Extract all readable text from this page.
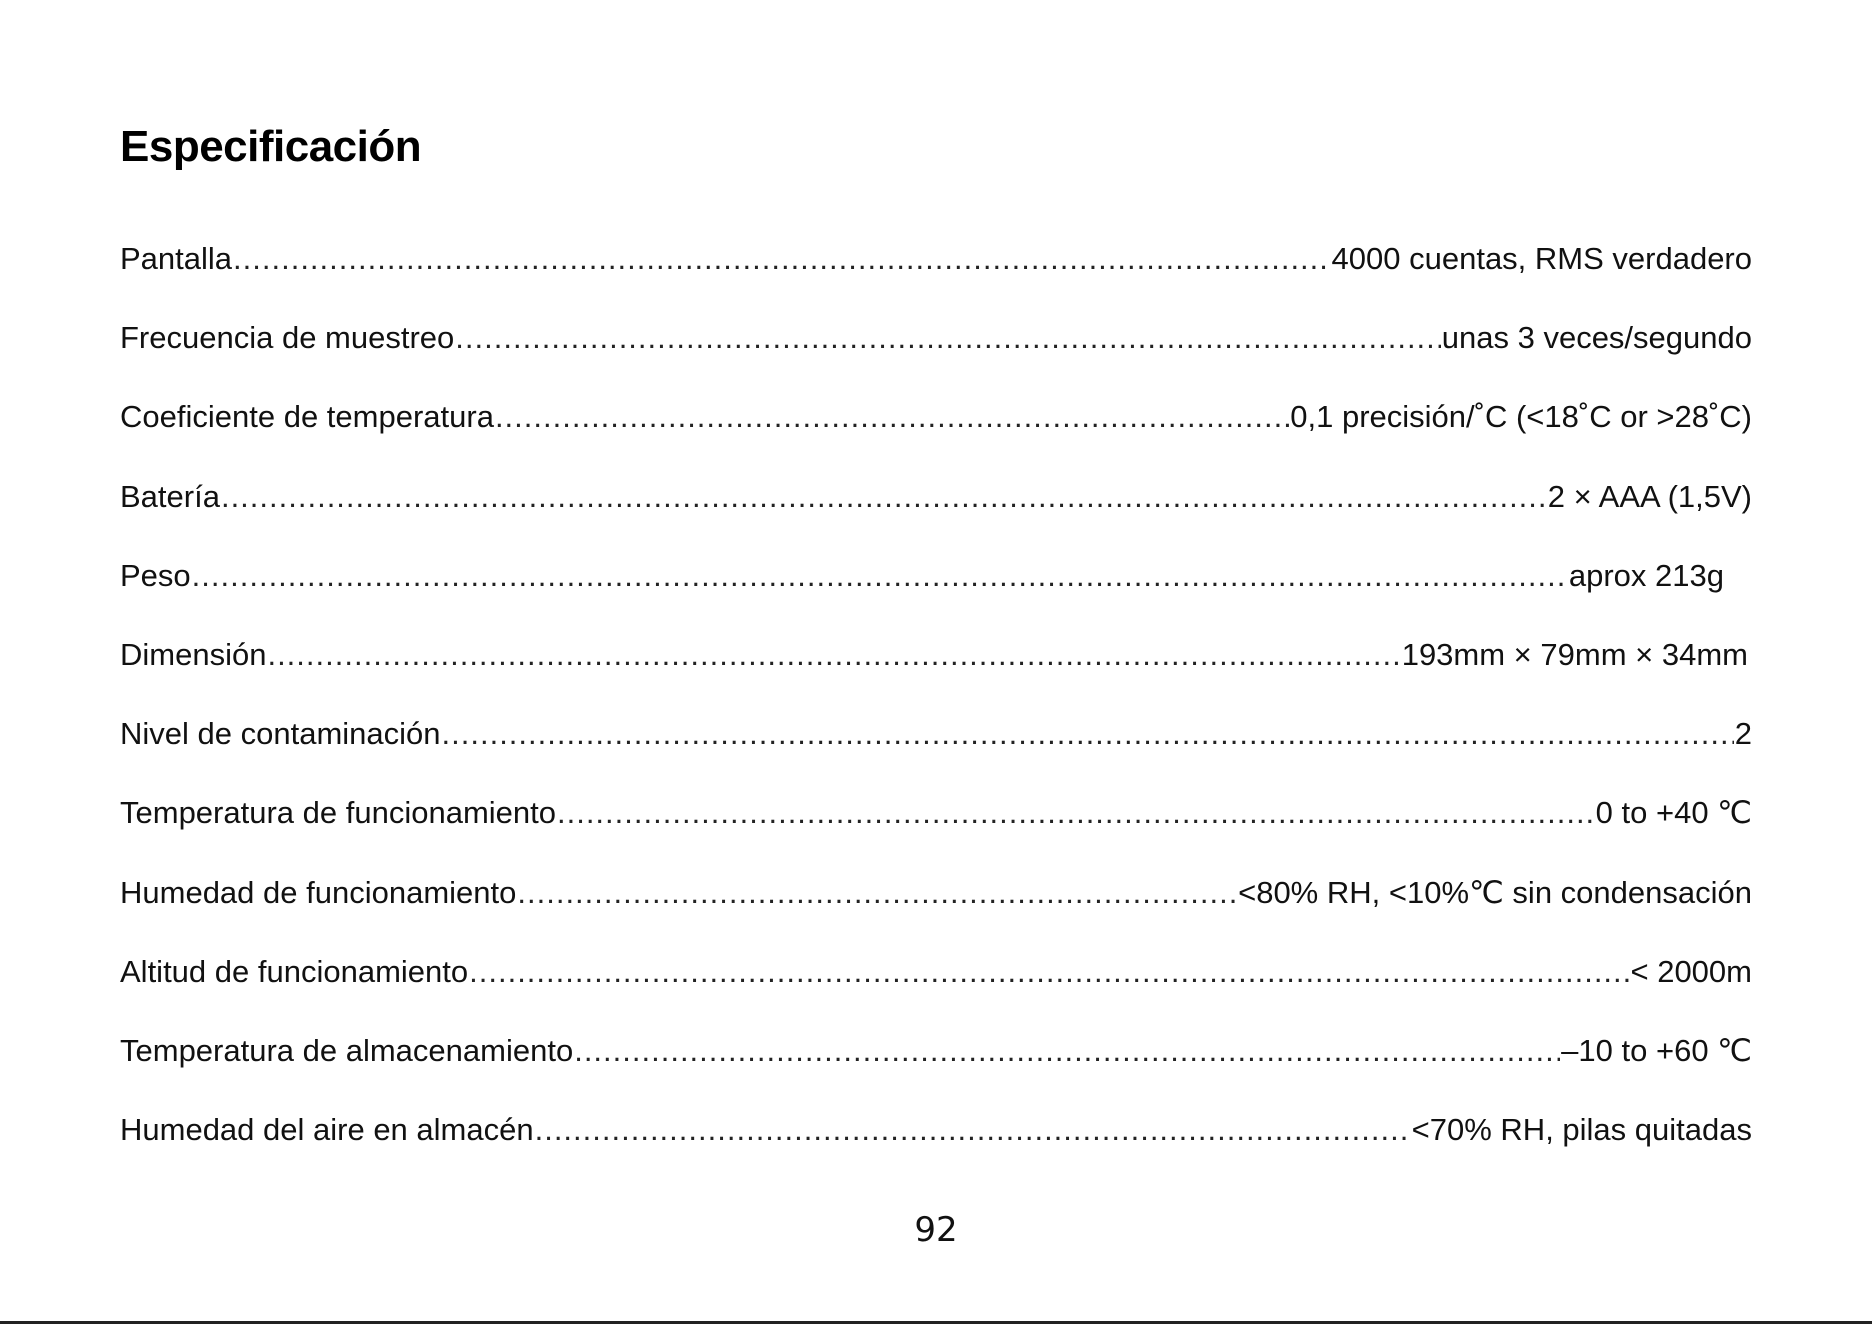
Especificación
Pantalla .....	4000 cuentas, RMS verdadero
Frecuencia de muestreo .....	unas 3 veces/segundo
Coeficiente de temperatura .....	0,1 precisión/˚C (<18˚C or >28˚C)
Batería .....	2 × AAA (1,5V)
Peso .....	aprox 213g
Dimensión .....	193mm × 79mm × 34mm
Nivel de contaminación .....	2
Temperatura de funcionamiento .....	0 to +40 ℃
Humedad de funcionamiento .....	<80% RH, <10%℃ sin condensación
Altitud de funcionamiento .....	< 2000m
Temperatura de almacenamiento .....	–10 to +60 ℃
Humedad del aire en almacén .....	<70% RH, pilas quitadas
92
